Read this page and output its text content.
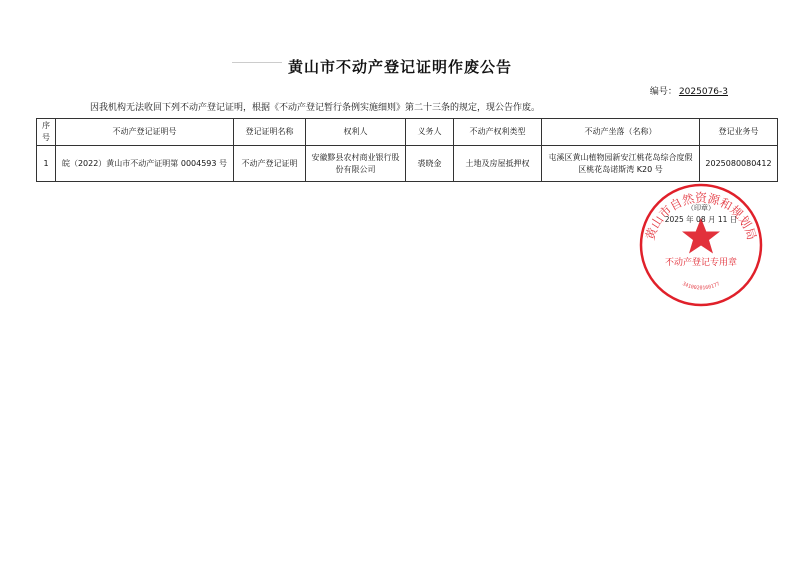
黄山市不动产登记证明作废公告
编号： 2025076-3
因我机构无法收回下列不动产登记证明，根据《不动产登记暂行条例实施细则》第二十三条的规定，现公告作废。
序号	不动产登记证明号	登记证明名称	权利人	义务人	不动产权利类型	不动产坐落（名称）	登记业务号
1	皖（2022）黄山市不动产证明第 0004593 号	不动产登记证明	安徽黟县农村商业银行股份有限公司	裘晓金	土地及房屋抵押权	屯溪区黄山植物园新安江桃花岛综合度假区桃花岛诺斯湾 K20 号	2025080080412
黄山市自然资源和规划局
（印章）
2025 年 08 月 11 日
不动产登记专用章
3410020160177
